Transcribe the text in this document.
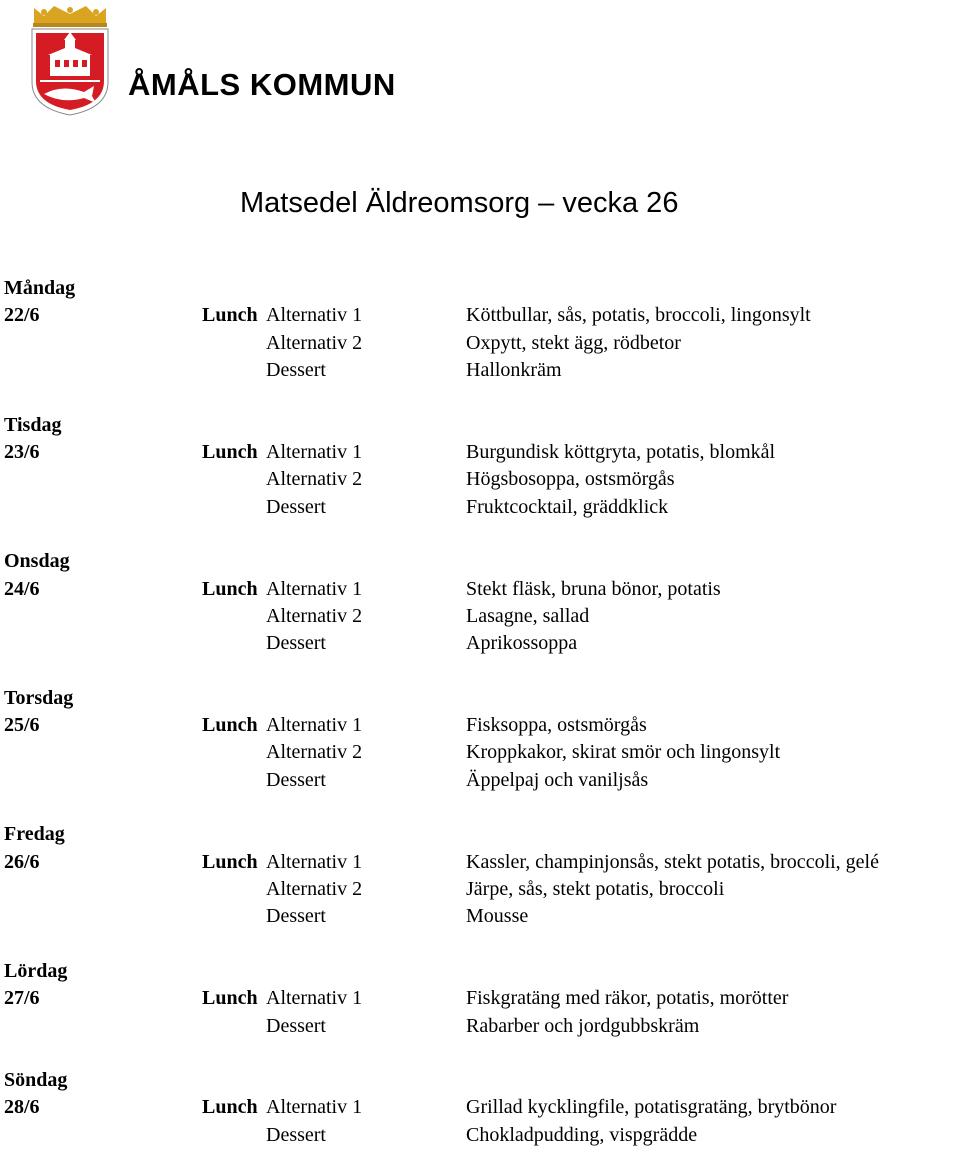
ÅMÅLS KOMMUN
Matsedel Äldreomsorg – vecka 26
Måndag
22/6	Lunch Alternativ 1	Köttbullar, sås, potatis, broccoli, lingonsylt
Alternativ 2	Oxpytt, stekt ägg, rödbetor
Dessert	Hallonkräm
Tisdag
23/6	Lunch Alternativ 1	Burgundisk köttgryta, potatis, blomkål
Alternativ 2	Högsbosoppa, ostsmörgås
Dessert	Fruktcocktail, gräddklick
Onsdag
24/6	Lunch Alternativ 1	Stekt fläsk, bruna bönor, potatis
Alternativ 2	Lasagne, sallad
Dessert	Aprikossoppa
Torsdag
25/6	Lunch Alternativ 1	Fisksoppa, ostsmörgås
Alternativ 2	Kroppkakor, skirat smör och lingonsylt
Dessert	Äppelpaj och vaniljsås
Fredag
26/6	Lunch Alternativ 1	Kassler, champinjonsås, stekt potatis, broccoli, gelé
Alternativ 2	Järpe, sås, stekt potatis, broccoli
Dessert	Mousse
Lördag
27/6	Lunch Alternativ 1	Fiskgratäng med räkor, potatis, morötter
Dessert	Rabarber och jordgubbskräm
Söndag
28/6	Lunch Alternativ 1	Grillad kycklingfile, potatisgratäng, brytbönor
Dessert	Chokladpudding, vispgrädde
